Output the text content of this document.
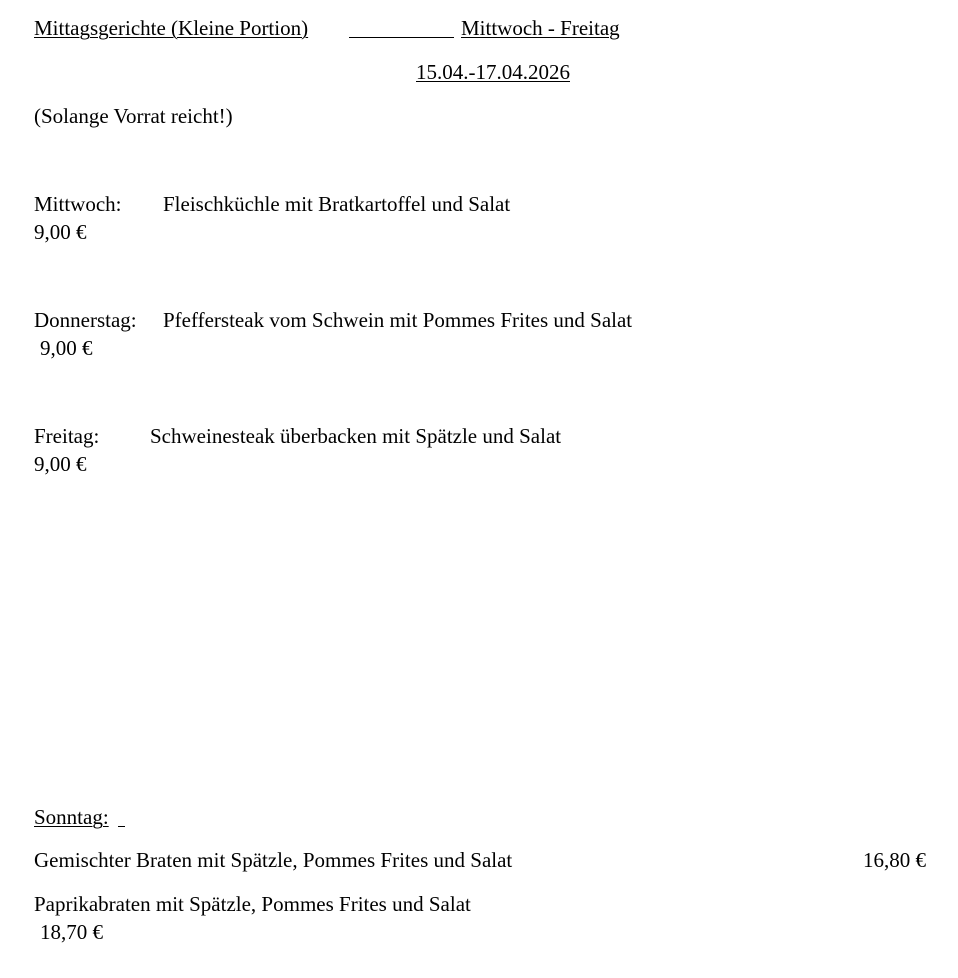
Mittagsgerichte (Kleine Portion)	Mittwoch - Freitag
15.04.-17.04.2026
(Solange Vorrat reicht!)
Mittwoch: Fleischküchle mit Bratkartoffel und Salat
9,00 €
Donnerstag: Pfeffersteak vom Schwein mit Pommes Frites und Salat
9,00 €
Freitag: Schweinesteak überbacken mit Spätzle und Salat
9,00 €
Sonntag:
Gemischter Braten mit Spätzle, Pommes Frites und Salat	16,80 €
Paprikabraten mit Spätzle, Pommes Frites und Salat
18,70 €
